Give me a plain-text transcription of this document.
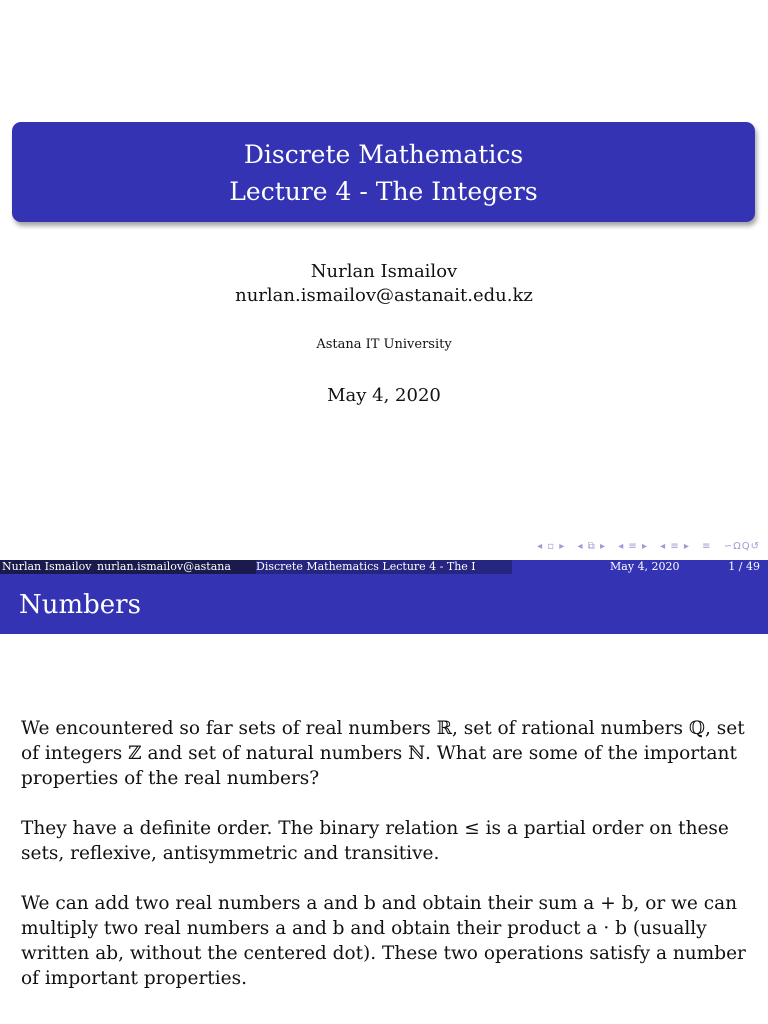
Discrete Mathematics
Lecture 4 - The Integers
Nurlan Ismailov
nurlan.ismailov@astanait.edu.kz
Astana IT University
May 4, 2020
◂ ▫ ▸ ◂ ⧉ ▸ ◂ ≡ ▸ ◂ ≡ ▸ ≡ ∽ΩQ↺
Nurlan Ismailov nurlan.ismailov@astana	Discrete Mathematics Lecture 4 - The I	May 4, 2020	1 / 49
Numbers

We encountered so far sets of real numbers ℝ, set of rational numbers ℚ, set of integers ℤ and set of natural numbers ℕ. What are some of the important properties of the real numbers?

They have a definite order. The binary relation ≤ is a partial order on these sets, reflexive, antisymmetric and transitive.

We can add two real numbers a and b and obtain their sum a + b, or we can multiply two real numbers a and b and obtain their product a · b (usually written ab, without the centered dot). These two operations satisfy a number of important properties.
